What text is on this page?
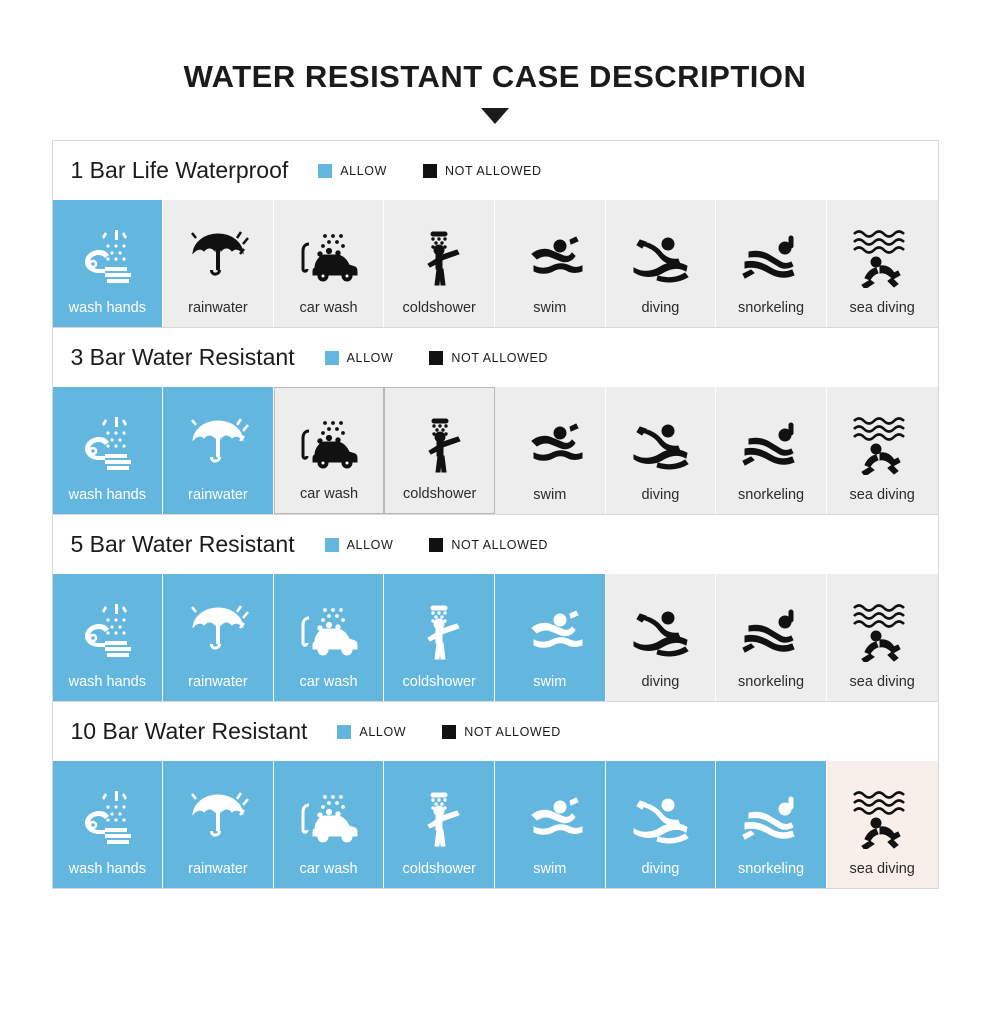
WATER RESISTANT CASE DESCRIPTION
1 Bar Life Waterproof	ALLOW	NOT ALLOWED
wash hands	rainwater	car wash	coldshower	swim	diving	snorkeling	sea diving
3 Bar Water Resistant	ALLOW	NOT ALLOWED
wash hands	rainwater	car wash	coldshower	swim	diving	snorkeling	sea diving
5 Bar Water Resistant	ALLOW	NOT ALLOWED
wash hands	rainwater	car wash	coldshower	swim	diving	snorkeling	sea diving
10 Bar Water Resistant	ALLOW	NOT ALLOWED
wash hands	rainwater	car wash	coldshower	swim	diving	snorkeling	sea diving
